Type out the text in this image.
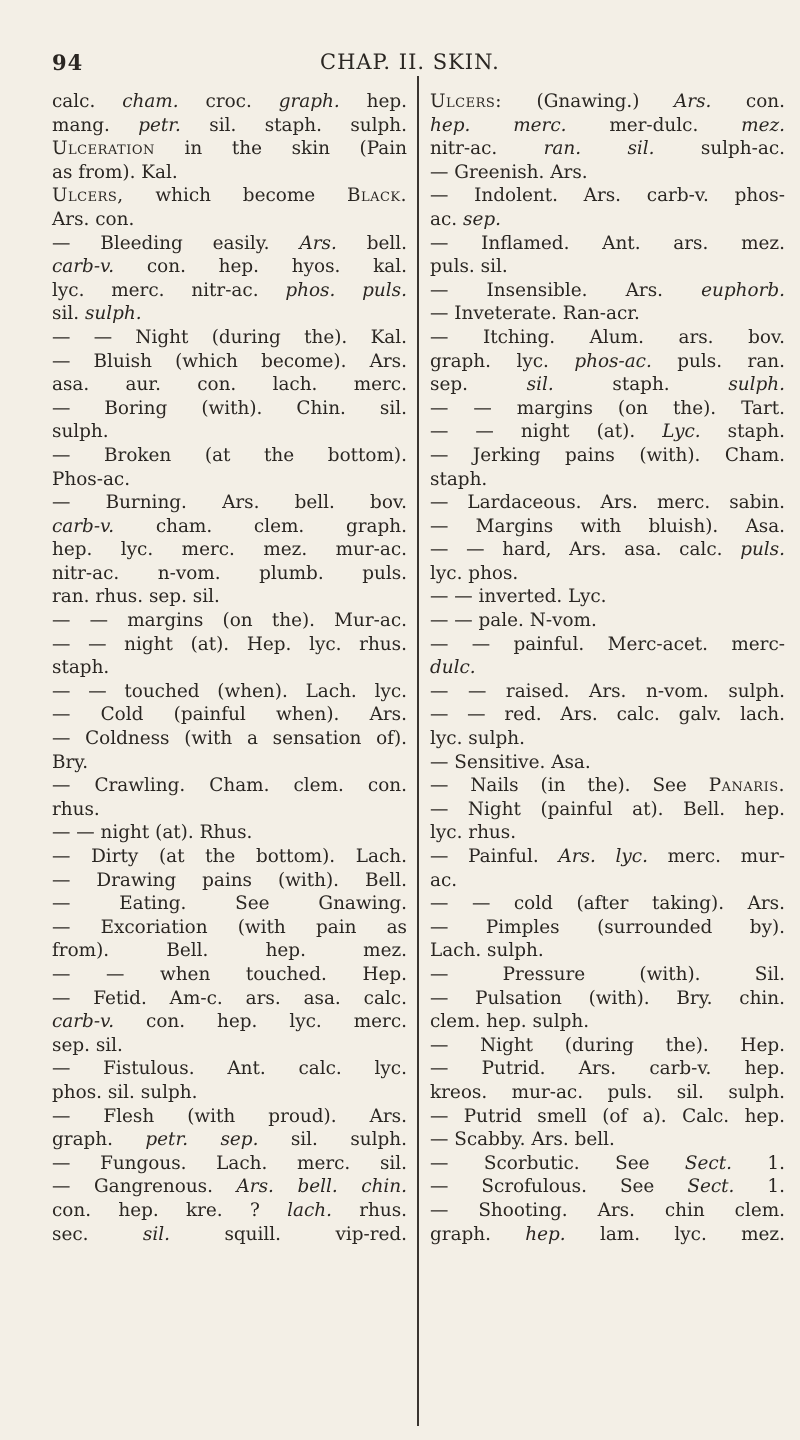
94	CHAP. II. SKIN.
calc. cham. croc. graph. hep.
mang. petr. sil. staph. sulph.
Ulceration in the skin (Pain
as from). Kal.
Ulcers, which become Black.
Ars. con.
— Bleeding easily. Ars. bell.
carb-v. con. hep. hyos. kal.
lyc. merc. nitr-ac. phos. puls.
sil. sulph.
— — Night (during the). Kal.
— Bluish (which become). Ars.
asa. aur. con. lach. merc.
— Boring (with). Chin. sil.
sulph.
— Broken (at the bottom).
Phos-ac.
— Burning. Ars. bell. bov.
carb-v. cham. clem. graph.
hep. lyc. merc. mez. mur-ac.
nitr-ac. n-vom. plumb. puls.
ran. rhus. sep. sil.
— — margins (on the). Mur-ac.
— — night (at). Hep. lyc. rhus.
staph.
— — touched (when). Lach. lyc.
— Cold (painful when). Ars.
— Coldness (with a sensation of).
Bry.
— Crawling. Cham. clem. con.
rhus.
— — night (at). Rhus.
— Dirty (at the bottom). Lach.
— Drawing pains (with). Bell.
—	Eating.	See	Gnawing.
— Excoriation (with pain as
from).	Bell.	hep.	mez.
— — when touched. Hep.
— Fetid. Am-c. ars. asa. calc.
carb-v. con. hep. lyc. merc.
sep. sil.
— Fistulous. Ant. calc. lyc.
phos. sil. sulph.
— Flesh (with proud). Ars.
graph. petr. sep. sil. sulph.
— Fungous. Lach. merc. sil.
— Gangrenous. Ars. bell. chin.
con. hep. kre. ? lach. rhus.
sec.	sil.	squill.	vip-red.
Ulcers: (Gnawing.) Ars. con.
hep. merc. mer-dulc. mez.
nitr-ac.	ran.	sil.	sulph-ac.
— Greenish. Ars.
— Indolent. Ars. carb-v. phos-
ac. sep.
— Inflamed. Ant. ars. mez.
puls. sil.
— Insensible. Ars. euphorb.
— Inveterate. Ran-acr.
— Itching. Alum. ars. bov.
graph. lyc. phos-ac. puls. ran.
sep.	sil.	staph.	sulph.
— — margins (on the). Tart.
— — night (at). Lyc. staph.
— Jerking pains (with). Cham.
staph.
— Lardaceous. Ars. merc. sabin.
— Margins with bluish). Asa.
— — hard, Ars. asa. calc. puls.
lyc. phos.
— — inverted. Lyc.
— — pale. N-vom.
— — painful. Merc-acet. merc-
dulc.
— — raised. Ars. n-vom. sulph.
— — red. Ars. calc. galv. lach.
lyc. sulph.
— Sensitive. Asa.
— Nails (in the). See Panaris.
— Night (painful at). Bell. hep.
lyc. rhus.
— Painful. Ars. lyc. merc. mur-
ac.
— — cold (after taking). Ars.
— Pimples (surrounded by).
Lach. sulph.
—	Pressure	(with).	Sil.
— Pulsation (with). Bry. chin.
clem. hep. sulph.
— Night (during the). Hep.
— Putrid. Ars. carb-v. hep.
kreos. mur-ac. puls. sil. sulph.
— Putrid smell (of a). Calc. hep.
— Scabby. Ars. bell.
— Scorbutic. See Sect. 1.
— Scrofulous. See Sect. 1.
— Shooting. Ars. chin clem.
graph. hep. lam. lyc. mez.
